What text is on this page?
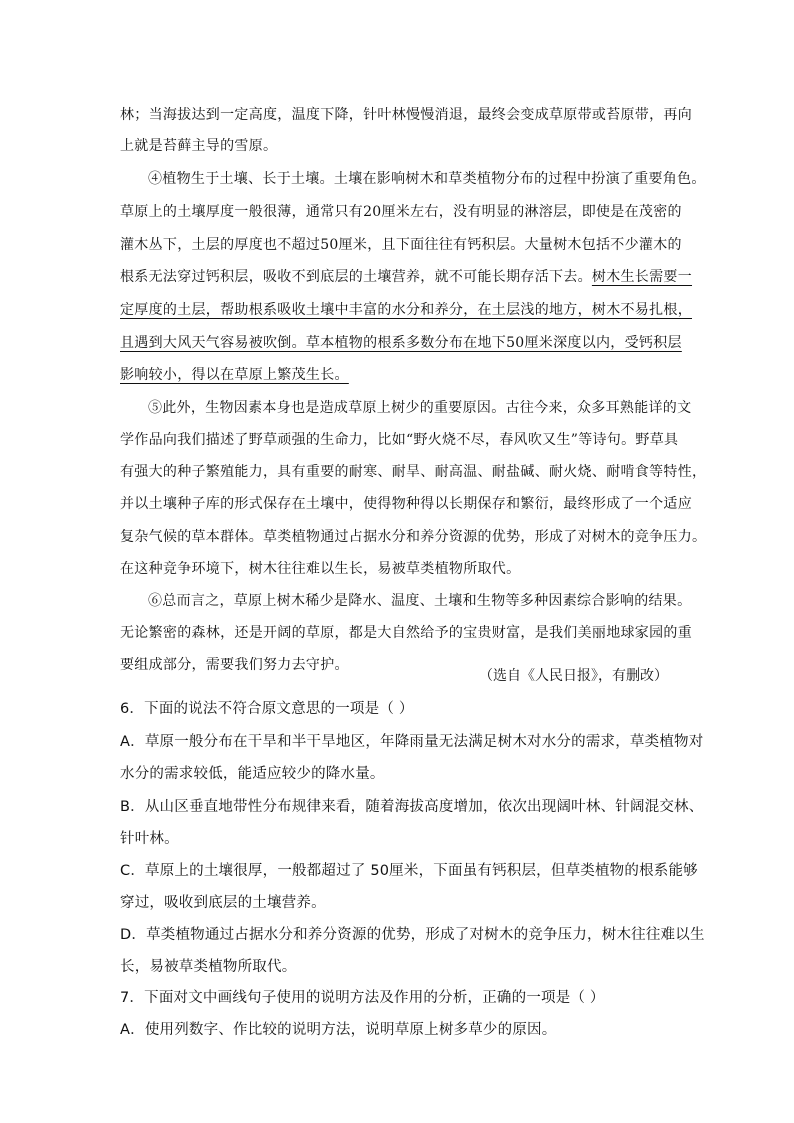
林；当海拔达到一定高度，温度下降，针叶林慢慢消退，最终会变成草原带或苔原带，再向
上就是苔藓主导的雪原。
④植物生于土壤、长于土壤。土壤在影响树木和草类植物分布的过程中扮演了重要角色。
草原上的土壤厚度一般很薄，通常只有20厘米左右，没有明显的淋溶层，即使是在茂密的
灌木丛下，土层的厚度也不超过50厘米，且下面往往有钙积层。大量树木包括不少灌木的
根系无法穿过钙积层，吸收不到底层的土壤营养，就不可能长期存活下去。树木生长需要一
定厚度的土层，帮助根系吸收土壤中丰富的水分和养分，在土层浅的地方，树木不易扎根，
且遇到大风天气容易被吹倒。草本植物的根系多数分布在地下50厘米深度以内，受钙积层
影响较小，得以在草原上繁茂生长。
⑤此外，生物因素本身也是造成草原上树少的重要原因。古往今来，众多耳熟能详的文
学作品向我们描述了野草顽强的生命力，比如“野火烧不尽，春风吹又生”等诗句。野草具
有强大的种子繁殖能力，具有重要的耐寒、耐旱、耐高温、耐盐碱、耐火烧、耐啃食等特性，
并以土壤种子库的形式保存在土壤中，使得物种得以长期保存和繁衍，最终形成了一个适应
复杂气候的草本群体。草类植物通过占据水分和养分资源的优势，形成了对树木的竞争压力。
在这种竞争环境下，树木往往难以生长，易被草类植物所取代。
⑥总而言之，草原上树木稀少是降水、温度、土壤和生物等多种因素综合影响的结果。
无论繁密的森林，还是开阔的草原，都是大自然给予的宝贵财富，是我们美丽地球家园的重
要组成部分，需要我们努力去守护。
（选自《人民日报》，有删改）
6．下面的说法不符合原文意思的一项是（ ）
A．草原一般分布在干旱和半干旱地区，年降雨量无法满足树木对水分的需求，草类植物对
水分的需求较低，能适应较少的降水量。
B．从山区垂直地带性分布规律来看，随着海拔高度增加，依次出现阔叶林、针阔混交林、
针叶林。
C．草原上的土壤很厚，一般都超过了 50厘米，下面虽有钙积层，但草类植物的根系能够
穿过，吸收到底层的土壤营养。
D．草类植物通过占据水分和养分资源的优势，形成了对树木的竞争压力，树木往往难以生
长，易被草类植物所取代。
7．下面对文中画线句子使用的说明方法及作用的分析，正确的一项是（ ）
A．使用列数字、作比较的说明方法，说明草原上树多草少的原因。
